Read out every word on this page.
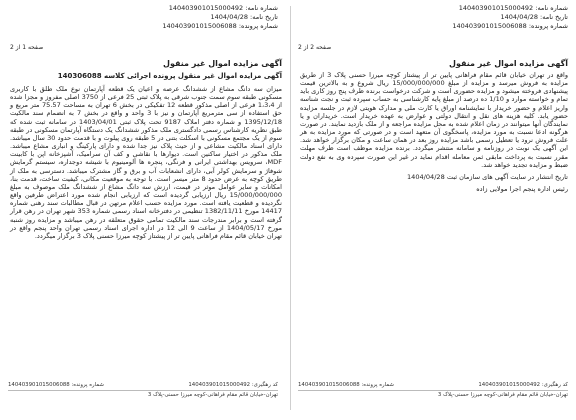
شماره نامه: 140403901015000492
تاریخ نامه: 1404/04/28
شماره پرونده: 140403901015006088
شماره نامه: 140403901015000492
تاریخ نامه: 1404/04/28
شماره پرونده: 140403901015006088
صفحه 2 از 2
صفحه 1 از 2
آگهی مزایده اموال غیر منقول

واقع در تهران خیابان قائم مقام فراهانی پایین تر از پیشتاز کوچه میرزا حسنی پلاک 3 از طریق مزایده به فروش میرسد و مزایده از مبلغ 15/000/000/000 ریال شروع و به بالاترین قیمت پیشنهادی فروخته میشود و مزایده حضوری است و شرکت درخواست برنده ظرف پنج روز کاری باید تمام و خواسته موارد و 1/10 ده درصد از مبلغ پایه کارشناسی به حساب سپرده ثبت و نجت شناسه واریز اعلام و حضور خریدار با نمایشنامه اوراق یا کارت ملی و مدارک هویتی لازم در جلسه مزایده حضور یابد. کلیه هزینه های نقل و انتقال دولتی و عوارض به عهده خریدار است. خریداران و یا نمایندگان آنها میتوانند در زمان اعلام شده به محل مزایده مراجعه و از ملک بازدید نمایند. در صورت هرگونه ادعا نسبت به مورد مزایده، پاسخگوی آن متعهد است و در صورتی که مورد مزایده به هر علت فروش نرود یا تعطیل رسمی باشد مزایده روز بعد در همان ساعت و مکان برگزار خواهد شد. این آگهی یک نوبت در روزنامه و سامانه منتشر میگردد. برنده مزایده موظف است ظرف مهلت مقرر نسبت به پرداخت مابقی ثمن معامله اقدام نماید در غیر این صورت سپرده وی به نفع دولت ضبط و مزایده تجدید خواهد شد.

تاریخ انتشار در سایت آگهی های سازمان ثبت 1404/04/28

رئیس اداره پنجم اجرا مولایی زاده

آگهی مزایده اموال غیر منقول
آگهی مزایده اموال غیر منقول پرونده اجرائی کلاسه 140306088

میزان سه دانگ مشاع از ششدانگ عرصه و اعیان یک قطعه آپارتمان نوع ملک طلق با کاربری مسکونی طبقه سوم سمت جنوب شرقی به پلاک ثبتی 25 فرعی از 3750 اصلی مفروز و مجزا شده از 1،3،4 فرعی از اصلی مذکور قطعه 12 تفکیکی در بخش 6 تهران به مساحت 75.57 متر مربع و حق استفاده از سی مترمربع آپارتمان و نیز با 3 واحد و واقع در بخش 7 به انضمام سند مالکیت 1395/12/18 و شماره دفتر املاک 9187 تحت پلاک ثبتی 1403/04/01 در سامانه ثبت شده که طبق نظریه کارشناس رسمی دادگستری ملک مذکور ششدانگ یک دستگاه آپارتمان مسکونی در طبقه سوم از یک مجتمع مسکونی با اسکلت بتنی در 5 طبقه روی پیلوت و با قدمت حدود 30 سال میباشد. دارای اسناد مالکیت مشاعی و از حیث پلاک نیز جدا شده و دارای پارکینگ و انباری مشاع میباشد. ملک مذکور در اختیار ساکنین است. دیوارها با نقاشی و کف آن سرامیک، آشپزخانه اپن با کابینت MDF، سرویس بهداشتی ایرانی و فرنگی، پنجره ها آلومینیوم با شیشه دوجداره، سیستم گرمایش شوفاژ و سرمایش کولر آبی، دارای انشعابات آب و برق و گاز مشترک میباشد. دسترسی به ملک از طریق کوچه به عرض حدود 8 متر میسر است. با توجه به موقعیت مکانی، کیفیت ساخت، قدمت بنا، امکانات و سایر عوامل موثر در قیمت، ارزش سه دانگ مشاع از ششدانگ ملک موصوف به مبلغ 15/000/000/000 ریال ارزیابی گردیده است که ارزیابی انجام شده مورد اعتراض طرفین واقع نگردیده و قطعیت یافته است. مورد مزایده حسب اعلام مرتهن در قبال مطالبات سند رهنی شماره 14417 مورخ 1382/11/11 تنظیمی در دفترخانه اسناد رسمی شماره 353 شهر تهران در رهن قرار گرفته است و برابر مندرجات سند مالکیت تمامی حقوق متعلقه در رهن میباشد و مزایده روز شنبه مورخ 1404/05/17 از ساعت 9 الی 12 در اداره اجرای اسناد رسمی تهران واحد پنجم واقع در تهران خیابان قائم مقام فراهانی پایین تر از پیشتاز کوچه میرزا حسنی پلاک 3 برگزار میگردد.

کد رهگیری: 140403901015000492
شماره پرونده: 140403901015006088
تهران-خیابان قائم مقام فراهانی-کوچه میرزا حسنی-پلاک 3
کد رهگیری: 140403901015000492
شماره پرونده: 140403901015006088
تهران-خیابان قائم مقام فراهانی-کوچه میرزا حسنی-پلاک 3
